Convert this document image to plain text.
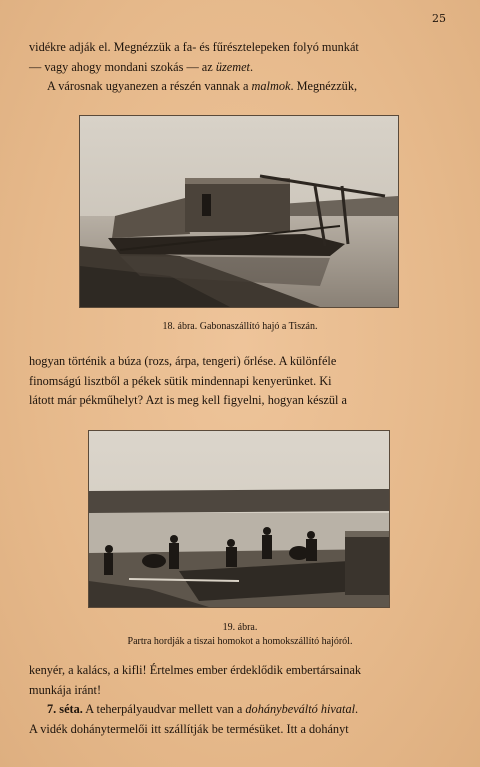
25
vidékre adják el. Megnézzük a fa- és fűrésztelepeken folyó munkát
— vagy ahogy mondani szokás — az üzemet.
A városnak ugyanezen a részén vannak a malmok. Megnézzük,
18. ábra. Gabonaszállító hajó a Tiszán.
hogyan történik a búza (rozs, árpa, tengeri) őrlése. A különféle
finomságú lisztből a pékek sütik mindennapi kenyerünket. Ki
látott már pékműhelyt? Azt is meg kell figyelni, hogyan készül a
19. ábra.
Partra hordják a tiszai homokot a homokszállító hajóról.
kenyér, a kalács, a kifli! Értelmes ember érdeklődik embertársainak
munkája iránt!
7. séta. A teherpályaudvar mellett van a dohánybeváltó hivatal.
A vidék dohánytermelői itt szállítják be termésüket. Itt a dohányt
